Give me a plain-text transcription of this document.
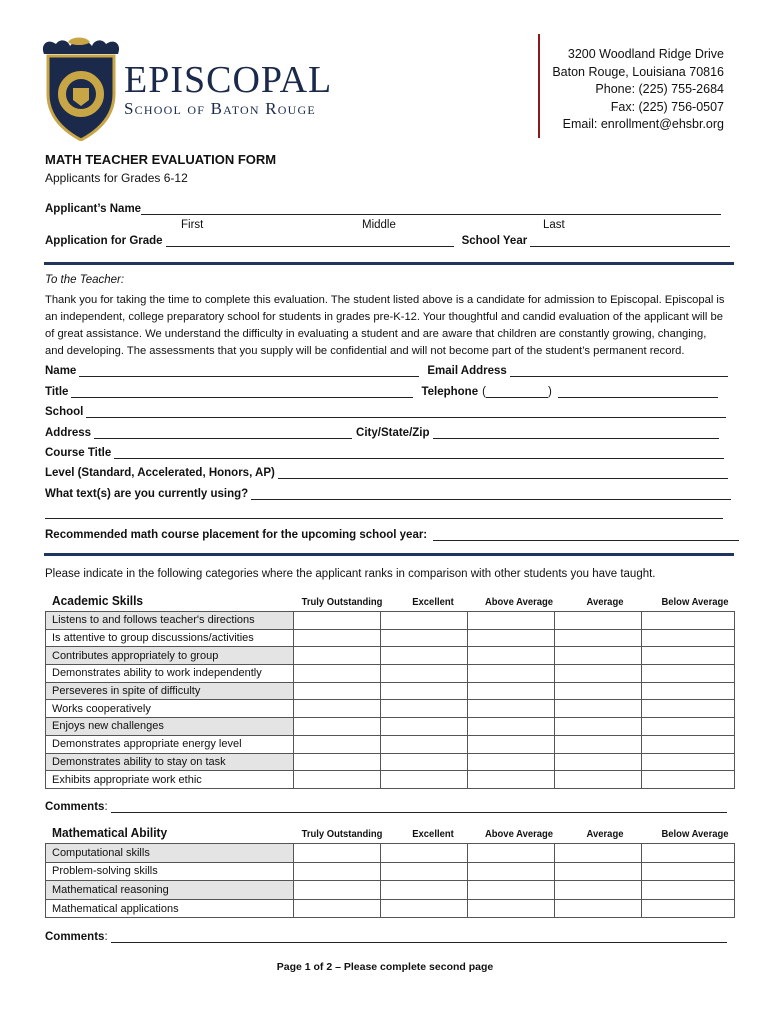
EPISCOPAL
School of Baton Rouge
3200 Woodland Ridge Drive
Baton Rouge, Louisiana 70816
Phone: (225) 755-2684
Fax: (225) 756-0507
Email: enrollment@ehsbr.org
MATH TEACHER EVALUATION FORM
Applicants for Grades 6-12
Applicant’s Name
First	Middle	Last
Application for Grade	School Year
To the Teacher:
Thank you for taking the time to complete this evaluation. The student listed above is a candidate for admission to Episcopal. Episcopal is an independent, college preparatory school for students in grades pre-K-12. Your thoughtful and candid evaluation of the applicant will be of great assistance. We understand the difficulty in evaluating a student and are aware that children are constantly growing, changing, and developing. The assessments that you supply will be confidential and will not become part of the student’s permanent record.
Name	Email Address
Title	Telephone (	)
School
Address	City/State/Zip
Course Title
Level (Standard, Accelerated, Honors, AP)
What text(s) are you currently using?
Recommended math course placement for the upcoming school year:
Please indicate in the following categories where the applicant ranks in comparison with other students you have taught.
Academic Skills	Truly Outstanding	Excellent	Above Average	Average	Below Average
Listens to and follows teacher's directions					
Is attentive to group discussions/activities					
Contributes appropriately to group					
Demonstrates ability to work independently					
Perseveres in spite of difficulty					
Works cooperatively					
Enjoys new challenges					
Demonstrates appropriate energy level					
Demonstrates ability to stay on task					
Exhibits appropriate work ethic					
Comments :
Mathematical Ability	Truly Outstanding	Excellent	Above Average	Average	Below Average
Computational skills					
Problem-solving skills					
Mathematical reasoning					
Mathematical applications					
Comments :
Page 1 of 2 – Please complete second page
